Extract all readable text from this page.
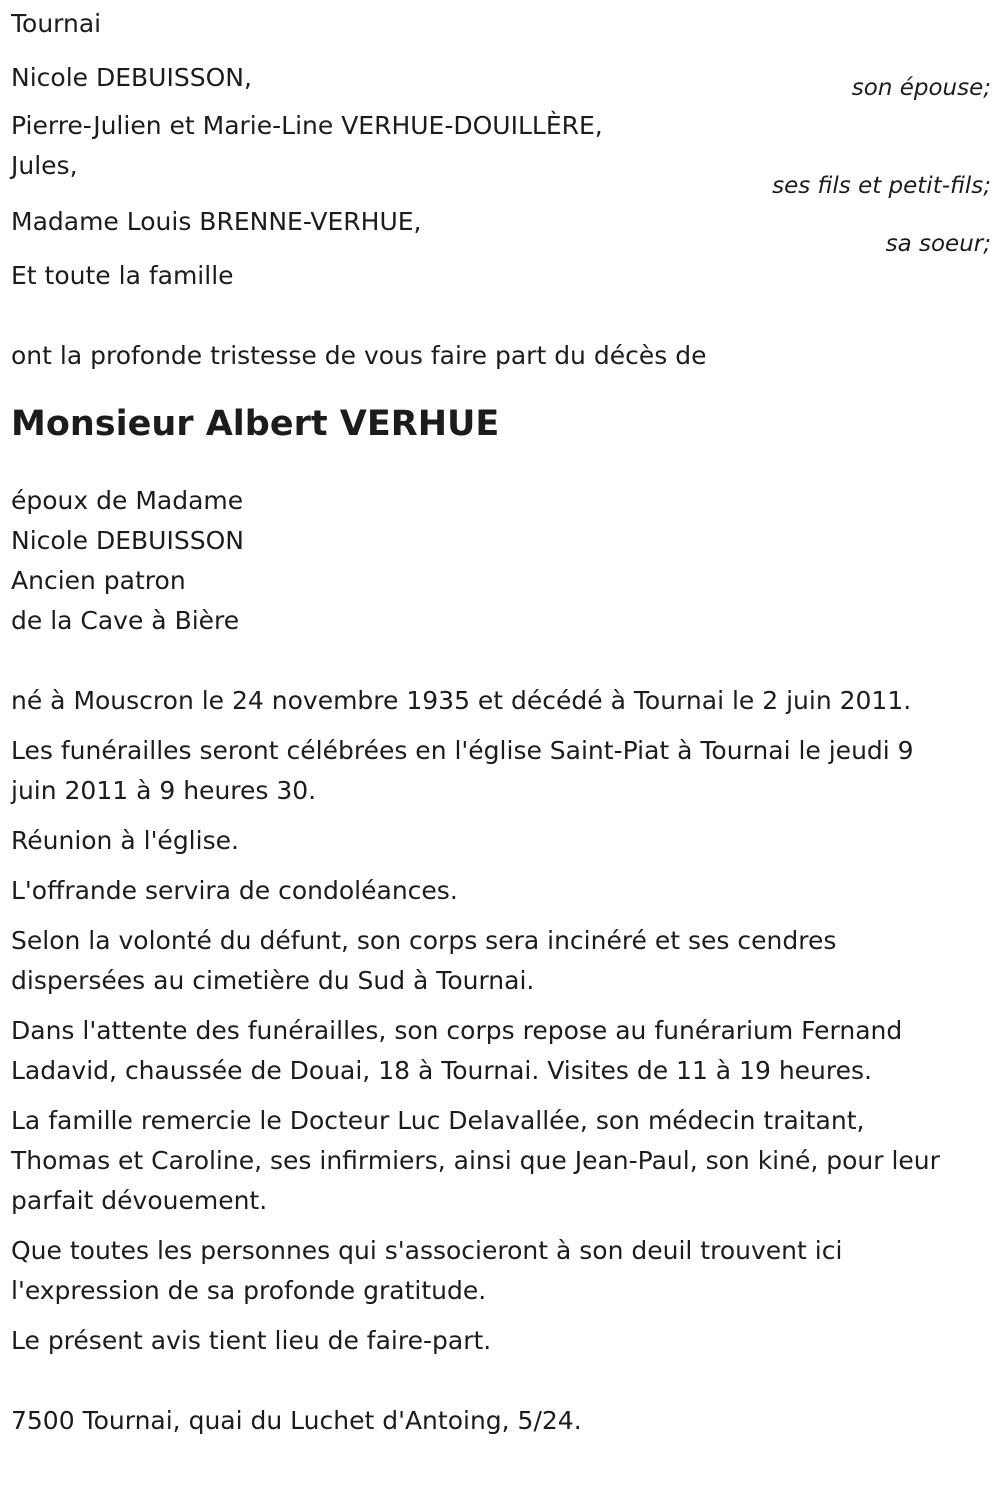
Tournai
Nicole DEBUISSON,	son épouse;
Pierre-Julien et Marie-Line VERHUE-DOUILLÈRE,
Jules,
ses fils et petit-fils;
Madame Louis BRENNE-VERHUE,
sa soeur;
Et toute la famille
ont la profonde tristesse de vous faire part du décès de
Monsieur Albert VERHUE
époux de Madame
Nicole DEBUISSON
Ancien patron
de la Cave à Bière
né à Mouscron le 24 novembre 1935 et décédé à Tournai le 2 juin 2011.
Les funérailles seront célébrées en l'église Saint-Piat à Tournai le jeudi 9
juin 2011 à 9 heures 30.
Réunion à l'église.
L'offrande servira de condoléances.
Selon la volonté du défunt, son corps sera incinéré et ses cendres
dispersées au cimetière du Sud à Tournai.
Dans l'attente des funérailles, son corps repose au funérarium Fernand
Ladavid, chaussée de Douai, 18 à Tournai. Visites de 11 à 19 heures.
La famille remercie le Docteur Luc Delavallée, son médecin traitant,
Thomas et Caroline, ses infirmiers, ainsi que Jean-Paul, son kiné, pour leur
parfait dévouement.
Que toutes les personnes qui s'associeront à son deuil trouvent ici
l'expression de sa profonde gratitude.
Le présent avis tient lieu de faire-part.
7500 Tournai, quai du Luchet d'Antoing, 5/24.
